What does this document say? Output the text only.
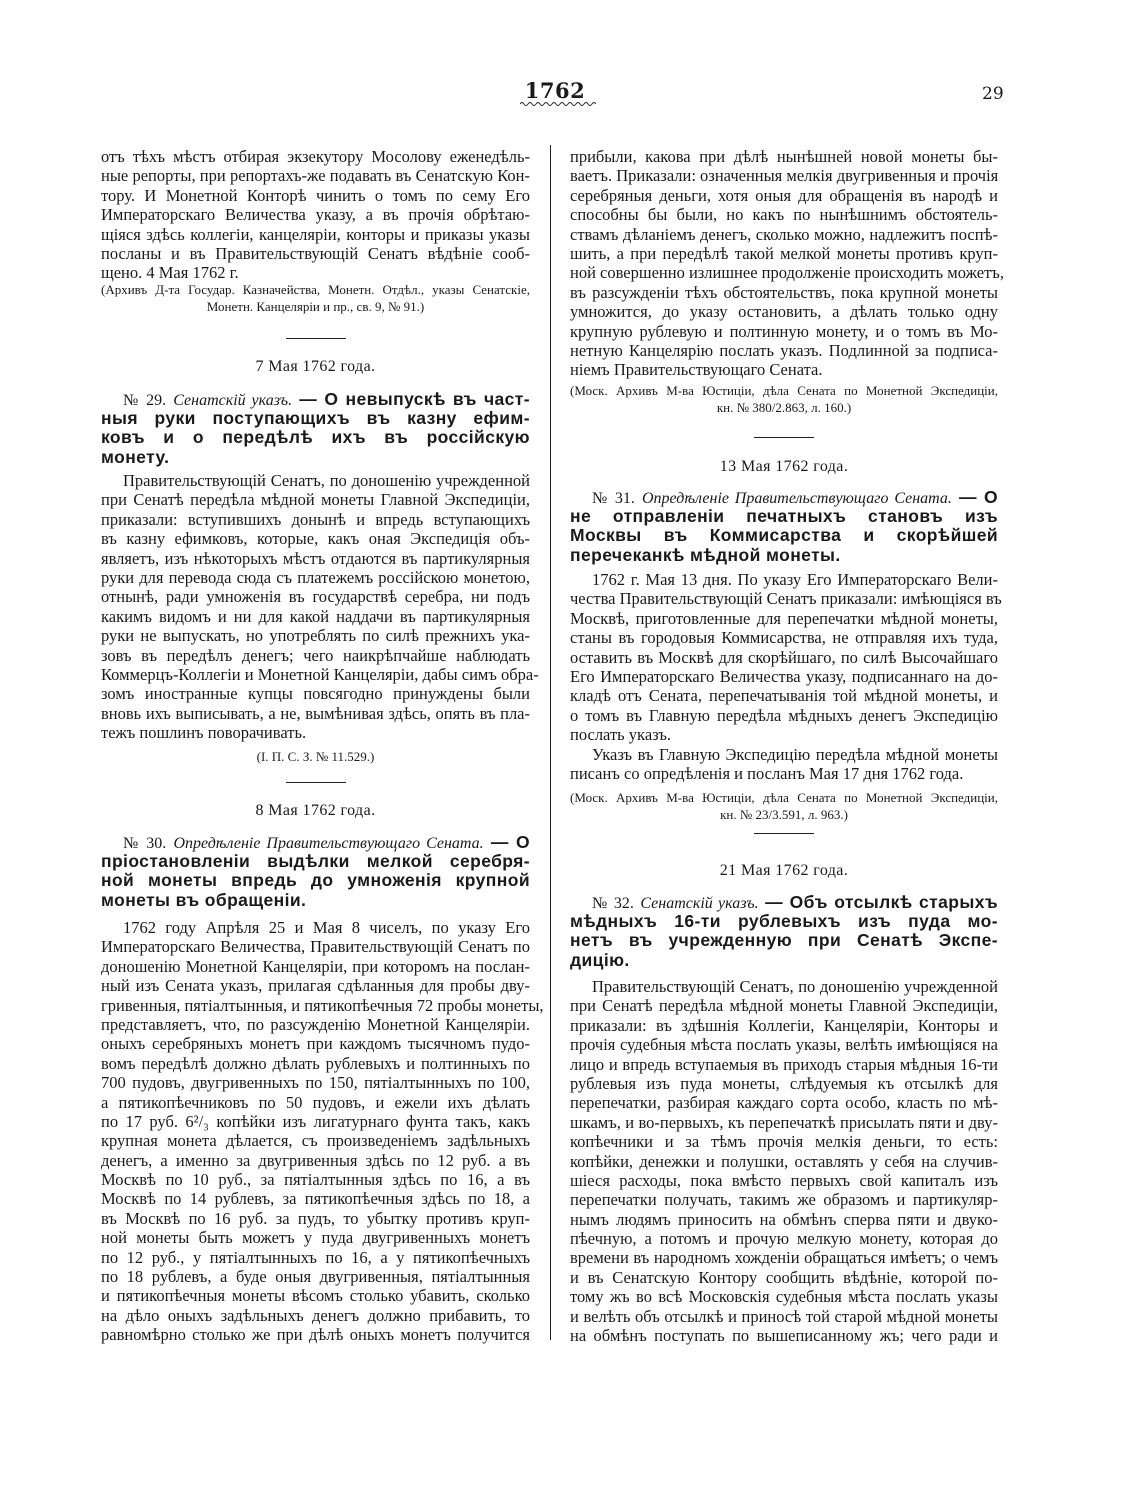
1762	29
отъ тѣхъ мѣстъ отбирая экзекутору Мосолову еженедѣль-
ные репорты, при репортахъ-же подавать въ Сенатскую Кон-
тору. И Монетной Конторѣ чинить о томъ по сему Его
Императорскаго Величества указу, а въ прочія обрѣтаю-
щіяся здѣсь коллегіи, канцеляріи, конторы и приказы указы
посланы и въ Правительствующій Сенатъ вѣдѣніе сооб-
щено. 4 Мая 1762 г.
(Архивъ Д-та Государ. Казначейства, Монетн. Отдѣл., указы Сенатскіе,
Монетн. Канцеляріи и пр., св. 9, № 91.)
7 Мая 1762 года.
№ 29. Сенатскій указъ. — О невыпускѣ въ част-
ныя руки поступающихъ въ казну ефим-
ковъ и о передѣлѣ ихъ въ россійскую
монету.
Правительствующій Сенатъ, по доношенію учрежденной
при Сенатѣ передѣла мѣдной монеты Главной Экспедиціи,
приказали: вступившихъ донынѣ и впредь вступающихъ
въ казну ефимковъ, которые, какъ оная Экспедиція объ-
являетъ, изъ нѣкоторыхъ мѣстъ отдаются въ партикулярныя
руки для перевода сюда съ платежемъ россійскою монетою,
отнынѣ, ради умноженія въ государствѣ серебра, ни подъ
какимъ видомъ и ни для какой наддачи въ партикулярныя
руки не выпускать, но употреблять по силѣ прежнихъ ука-
зовъ въ передѣлъ денегъ; чего наикрѣпчайше наблюдать
Коммерцъ-Коллегіи и Монетной Канцеляріи, дабы симъ обра-
зомъ иностранные купцы повсягодно принуждены были
вновь ихъ выписывать, а не, вымѣнивая здѣсь, опять въ пла-
тежъ пошлинъ поворачивать.
(I. П. С. З. № 11.529.)
8 Мая 1762 года.
№ 30. Опредѣленіе Правительствующаго Сената. — О
пріостановленіи выдѣлки мелкой серебря-
ной монеты впредь до умноженія крупной
монеты въ обращеніи.
1762 году Апрѣля 25 и Мая 8 чиселъ, по указу Его
Императорскаго Величества, Правительствующій Сенатъ по
доношенію Монетной Канцеляріи, при которомъ на послан-
ный изъ Сената указъ, прилагая сдѣланныя для пробы дву-
гривенныя, пятіалтынныя, и пятикопѣечныя 72 пробы монеты,
представляетъ, что, по разсужденію Монетной Канцеляріи.
оныхъ серебряныхъ монетъ при каждомъ тысячномъ пудо-
вомъ передѣлѣ должно дѣлать рублевыхъ и полтинныхъ по
700 пудовъ, двугривенныхъ по 150, пятіалтынныхъ по 100,
а пятикопѣечниковъ по 50 пудовъ, и ежели ихъ дѣлать
по 17 руб. 6²/₃ копѣйки изъ лигатурнаго фунта такъ, какъ
крупная монета дѣлается, съ произведеніемъ задѣльныхъ
денегъ, а именно за двугривенныя здѣсь по 12 руб. а въ
Москвѣ по 10 руб., за пятіалтынныя здѣсь по 16, а въ
Москвѣ по 14 рублевъ, за пятикопѣечныя здѣсь по 18, а
въ Москвѣ по 16 руб. за пудъ, то убытку противъ круп-
ной монеты быть можетъ у пуда двугривенныхъ монетъ
по 12 руб., у пятіалтынныхъ по 16, а у пятикопѣечныхъ
по 18 рублевъ, а буде оныя двугривенныя, пятіалтынныя
и пятикопѣечныя монеты вѣсомъ столько убавить, сколько
на дѣло оныхъ задѣльныхъ денегъ должно прибавить, то
равномѣрно столько же при дѣлѣ оныхъ монетъ получится
прибыли, какова при дѣлѣ нынѣшней новой монеты бы-
ваетъ. Приказали: означенныя мелкія двугривенныя и прочія
серебряныя деньги, хотя оныя для обращенія въ народѣ и
способны бы были, но какъ по нынѣшнимъ обстоятель-
ствамъ дѣланіемъ денегъ, сколько можно, надлежитъ поспѣ-
шить, а при передѣлѣ такой мелкой монеты противъ круп-
ной совершенно излишнее продолженіе происходить можетъ,
въ разсужденіи тѣхъ обстоятельствъ, пока крупной монеты
умножится, до указу остановить, а дѣлать только одну
крупную рублевую и полтинную монету, и о томъ въ Мо-
нетную Канцелярію послать указъ. Подлинной за подписа-
ніемъ Правительствующаго Сената.
(Моск. Архивъ М-ва Юстиціи, дѣла Сената по Монетной Экспедиціи,
кн. № 380/2.863, л. 160.)
13 Мая 1762 года.
№ 31. Опредѣленіе Правительствующаго Сената. — О
не отправленіи печатныхъ становъ изъ
Москвы въ Коммисарства и скорѣйшей
перечеканкѣ мѣдной монеты.
1762 г. Мая 13 дня. По указу Его Императорскаго Вели-
чества Правительствующій Сенатъ приказали: имѣющіяся въ
Москвѣ, приготовленные для перепечатки мѣдной монеты,
станы въ городовыя Коммисарства, не отправляя ихъ туда,
оставить въ Москвѣ для скорѣйшаго, по силѣ Высочайшаго
Его Императорскаго Величества указу, подписаннаго на до-
кладѣ отъ Сената, перепечатыванія той мѣдной монеты, и
о томъ въ Главную передѣла мѣдныхъ денегъ Экспедицію
послать указъ.
Указъ въ Главную Экспедицію передѣла мѣдной монеты
писанъ со опредѣленія и посланъ Мая 17 дня 1762 года.
(Моск. Архивъ М-ва Юстиціи, дѣла Сената по Монетной Экспедиціи,
кн. № 23/3.591, л. 963.)
21 Мая 1762 года.
№ 32. Сенатскій указъ. — Объ отсылкѣ старыхъ
мѣдныхъ 16-ти рублевыхъ изъ пуда мо-
нетъ въ учрежденную при Сенатѣ Экспе-
дицію.
Правительствующій Сенатъ, по доношенію учрежденной
при Сенатѣ передѣла мѣдной монеты Главной Экспедиціи,
приказали: въ здѣшнія Коллегіи, Канцеляріи, Конторы и
прочія судебныя мѣста послать указы, велѣть имѣющіяся на
лицо и впредь вступаемыя въ приходъ старыя мѣдныя 16-ти
рублевыя изъ пуда монеты, слѣдуемыя къ отсылкѣ для
перепечатки, разбирая каждаго сорта особо, класть по мѣ-
шкамъ, и во-первыхъ, къ перепечаткѣ присылать пяти и дву-
копѣечники и за тѣмъ прочія мелкія деньги, то есть:
копѣйки, денежки и полушки, оставлять у себя на случив-
шіеся расходы, пока вмѣсто первыхъ свой капиталъ изъ
перепечатки получать, такимъ же образомъ и партикуляр-
нымъ людямъ приносить на обмѣнъ сперва пяти и двуко-
пѣечную, а потомъ и прочую мелкую монету, которая до
времени въ народномъ хожденіи обращаться имѣетъ; о чемъ
и въ Сенатскую Контору сообщить вѣдѣніе, которой по-
тому жъ во всѣ Московскія судебныя мѣста послать указы
и велѣть объ отсылкѣ и приносѣ той старой мѣдной монеты
на обмѣнъ поступать по вышеписанному жъ; чего ради и
